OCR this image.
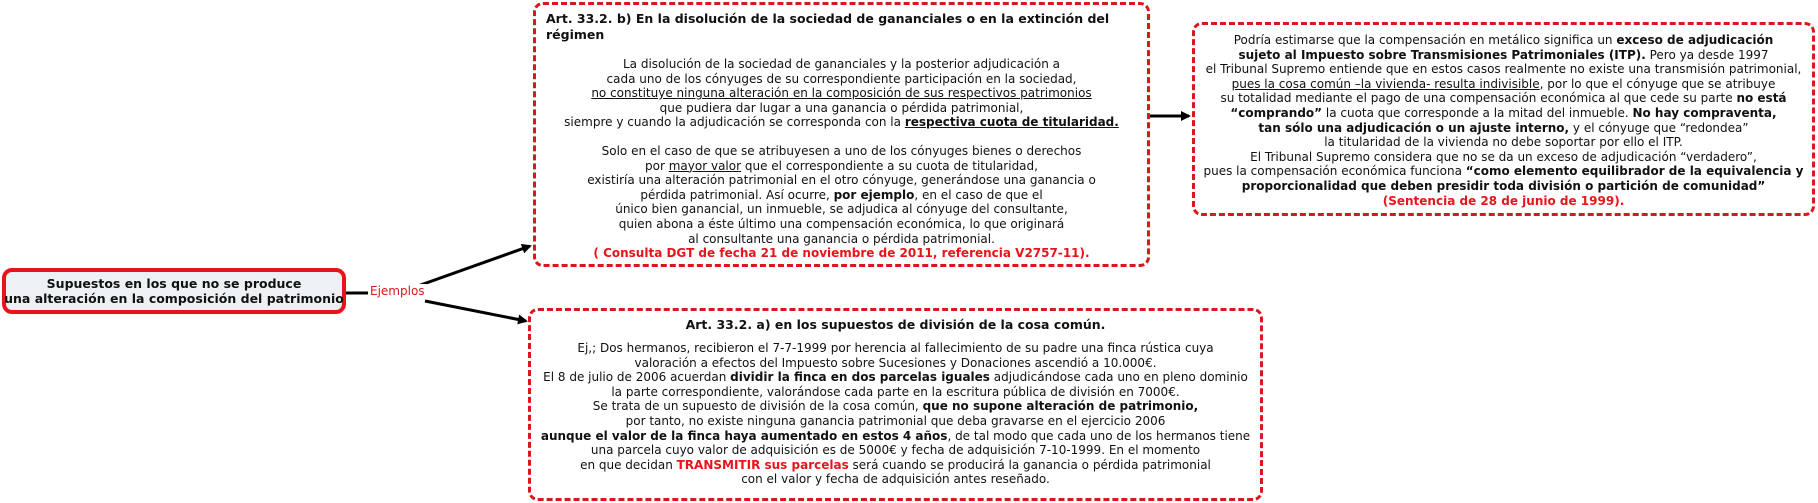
Supuestos en los que no se produce
una alteración en la composición del patrimonio Ejemplos
Art. 33.2. b) En la disolución de la sociedad de gananciales o en la extinción del régimen
La disolución de la sociedad de gananciales y la posterior adjudicación a
cada uno de los cónyuges de su correspondiente participación en la sociedad,
no constituye ninguna alteración en la composición de sus respectivos patrimonios
que pudiera dar lugar a una ganancia o pérdida patrimonial,
siempre y cuando la adjudicación se corresponda con la respectiva cuota de titularidad.
Solo en el caso de que se atribuyesen a uno de los cónyuges bienes o derechos
por mayor valor que el correspondiente a su cuota de titularidad,
existiría una alteración patrimonial en el otro cónyuge, generándose una ganancia o
pérdida patrimonial. Así ocurre, por ejemplo, en el caso de que el
único bien ganancial, un inmueble, se adjudica al cónyuge del consultante,
quien abona a éste último una compensación económica, lo que originará
al consultante una ganancia o pérdida patrimonial.
( Consulta DGT de fecha 21 de noviembre de 2011, referencia V2757-11).
Podría estimarse que la compensación en metálico significa un exceso de adjudicación
sujeto al Impuesto sobre Transmisiones Patrimoniales (ITP). Pero ya desde 1997
el Tribunal Supremo entiende que en estos casos realmente no existe una transmisión patrimonial,
pues la cosa común –la vivienda- resulta indivisible, por lo que el cónyuge que se atribuye
su totalidad mediante el pago de una compensación económica al que cede su parte no está
“comprando” la cuota que corresponde a la mitad del inmueble. No hay compraventa,
tan sólo una adjudicación o un ajuste interno, y el cónyuge que “redondea”
la titularidad de la vivienda no debe soportar por ello el ITP.
El Tribunal Supremo considera que no se da un exceso de adjudicación “verdadero”,
pues la compensación económica funciona “como elemento equilibrador de la equivalencia y
proporcionalidad que deben presidir toda división o partición de comunidad”
(Sentencia de 28 de junio de 1999).
Art. 33.2. a) en los supuestos de división de la cosa común.
Ej,; Dos hermanos, recibieron el 7-7-1999 por herencia al fallecimiento de su padre una finca rústica cuya
valoración a efectos del Impuesto sobre Sucesiones y Donaciones ascendió a 10.000€.
El 8 de julio de 2006 acuerdan dividir la finca en dos parcelas iguales adjudicándose cada uno en pleno dominio
la parte correspondiente, valorándose cada parte en la escritura pública de división en 7000€.
Se trata de un supuesto de división de la cosa común, que no supone alteración de patrimonio,
por tanto, no existe ninguna ganancia patrimonial que deba gravarse en el ejercicio 2006
aunque el valor de la finca haya aumentado en estos 4 años, de tal modo que cada uno de los hermanos tiene
una parcela cuyo valor de adquisición es de 5000€ y fecha de adquisición 7-10-1999. En el momento
en que decidan TRANSMITIR sus parcelas será cuando se producirá la ganancia o pérdida patrimonial
con el valor y fecha de adquisición antes reseñado.
